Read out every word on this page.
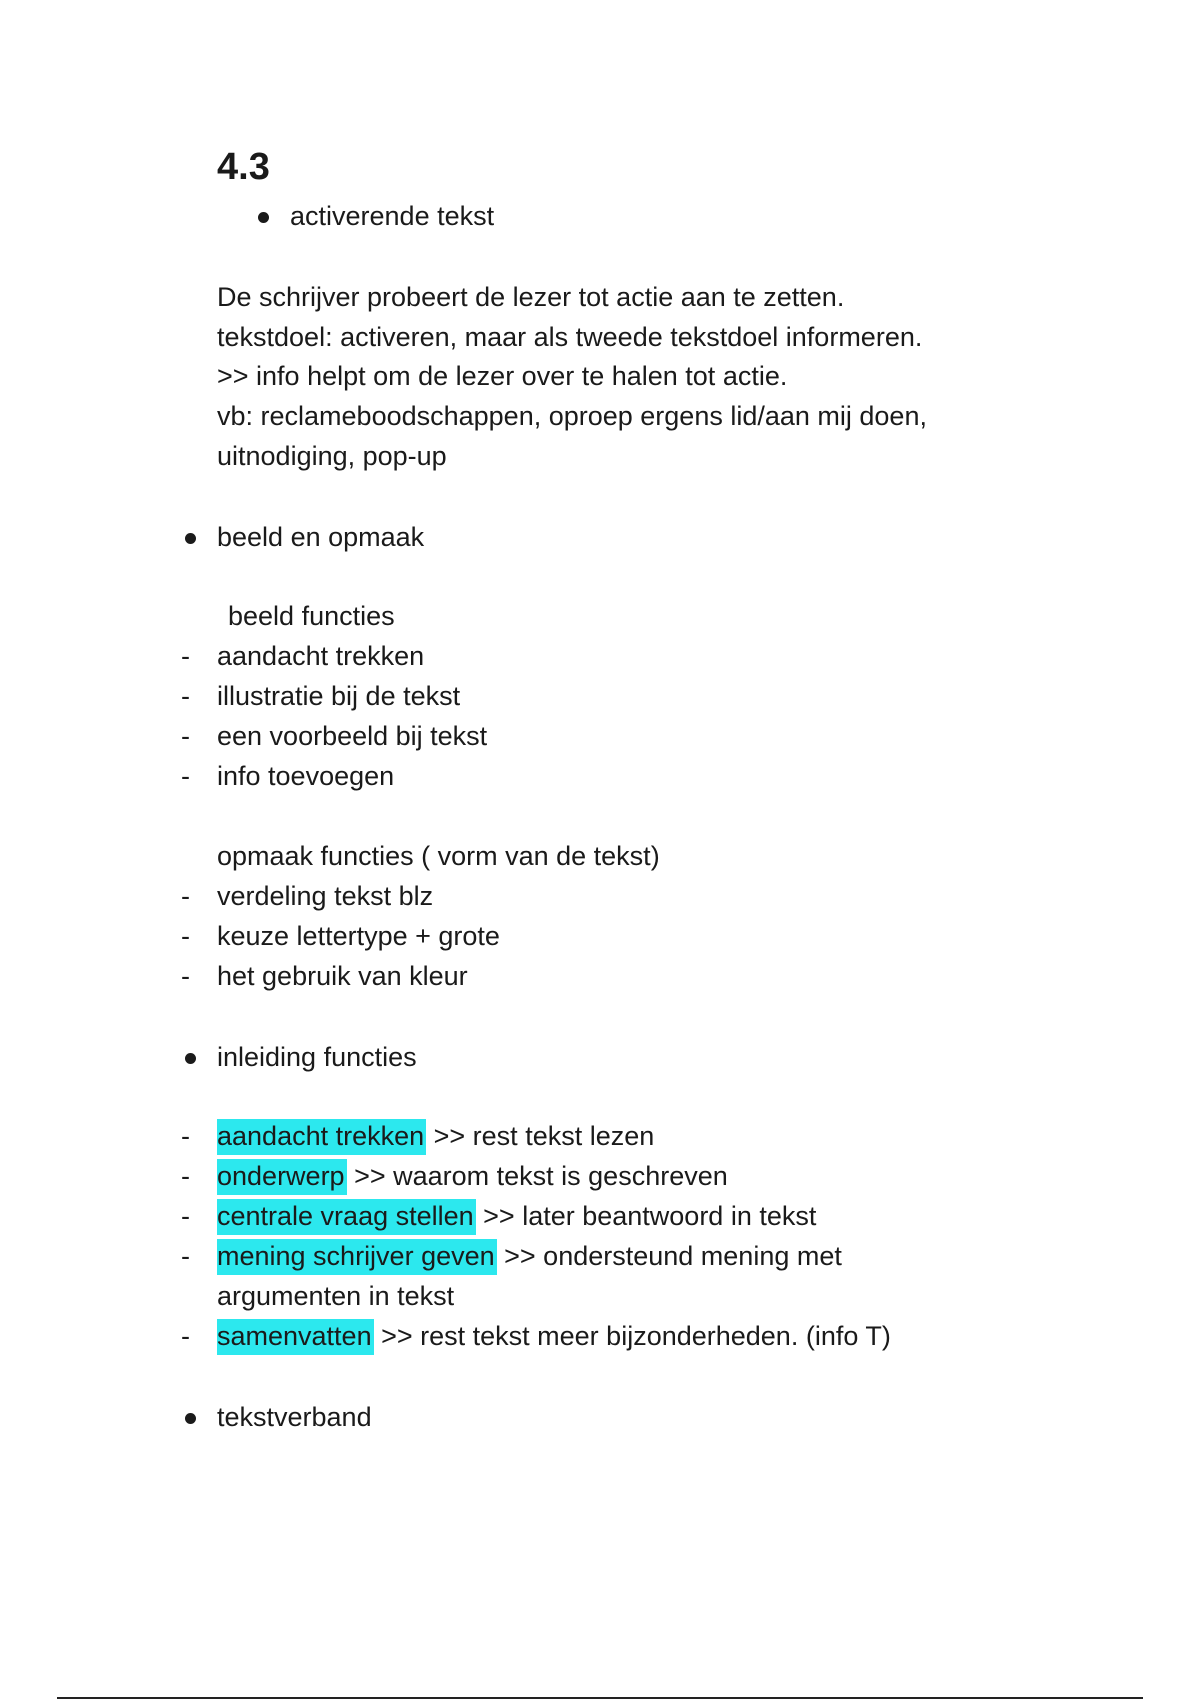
4.3
activerende tekst
De schrijver probeert de lezer tot actie aan te zetten.
tekstdoel: activeren, maar als tweede tekstdoel informeren.
>> info helpt om de lezer over te halen tot actie.
vb: reclameboodschappen, oproep ergens lid/aan mij doen,
uitnodiging, pop-up
beeld en opmaak
beeld functies
- aandacht trekken
- illustratie bij de tekst
- een voorbeeld bij tekst
- info toevoegen
opmaak functies ( vorm van de tekst)
- verdeling tekst blz
- keuze lettertype + grote
- het gebruik van kleur
inleiding functies
- aandacht trekken >> rest tekst lezen
- onderwerp >> waarom tekst is geschreven
- centrale vraag stellen >> later beantwoord in tekst
- mening schrijver geven >> ondersteund mening met
argumenten in tekst
- samenvatten >> rest tekst meer bijzonderheden. (info T)
tekstverband
